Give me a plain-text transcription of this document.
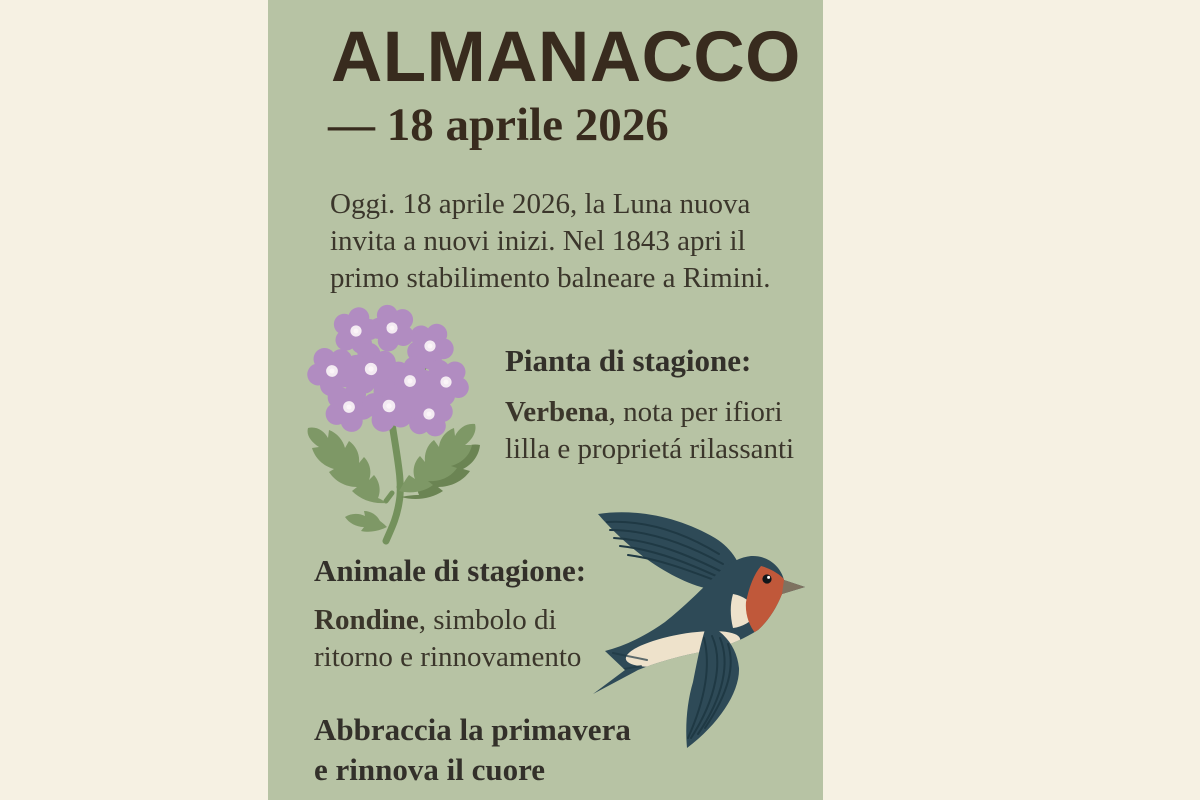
ALMANACCO
— 18 aprile 2026
Oggi. 18 aprile 2026, la Luna nuova
invita a nuovi inizi. Nel 1843 apri il
primo stabilimento balneare a Rimini.
Pianta di stagione:
Verbena, nota per ifiori
lilla e proprietá rilassanti
Animale di stagione:
Rondine, simbolo di
ritorno e rinnovamento
Abbraccia la primavera
e rinnova il cuore
